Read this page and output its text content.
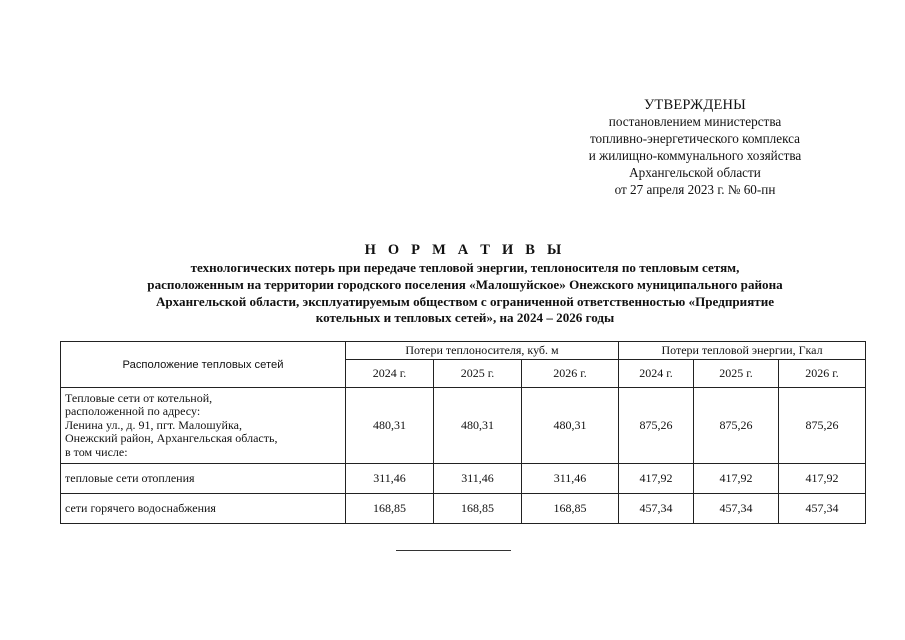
УТВЕРЖДЕНЫ
постановлением министерства
топливно-энергетического комплекса
и жилищно-коммунального хозяйства
Архангельской области
от 27 апреля 2023 г. № 60-пн
Н О Р М А Т И В Ы
технологических потерь при передаче тепловой энергии, теплоносителя по тепловым сетям,
расположенным на территории городского поселения «Малошуйское» Онежского муниципального района
Архангельской области, эксплуатируемым обществом с ограниченной ответственностью «Предприятие
котельных и тепловых сетей», на 2024 – 2026 годы
Расположение тепловых сетей	Потери теплоносителя, куб. м			Потери тепловой энергии, Гкал		
	2024 г.	2025 г.	2026 г.	2024 г.	2025 г.	2026 г.

Тепловые сети от котельной,
расположенной по адресу:
Ленина ул., д. 91, пгт. Малошуйка,
Онежский район, Архангельская область,
в том числе:	480,31	480,31	480,31	875,26	875,26	875,26
тепловые сети отопления	311,46	311,46	311,46	417,92	417,92	417,92
сети горячего водоснабжения	168,85	168,85	168,85	457,34	457,34	457,34
